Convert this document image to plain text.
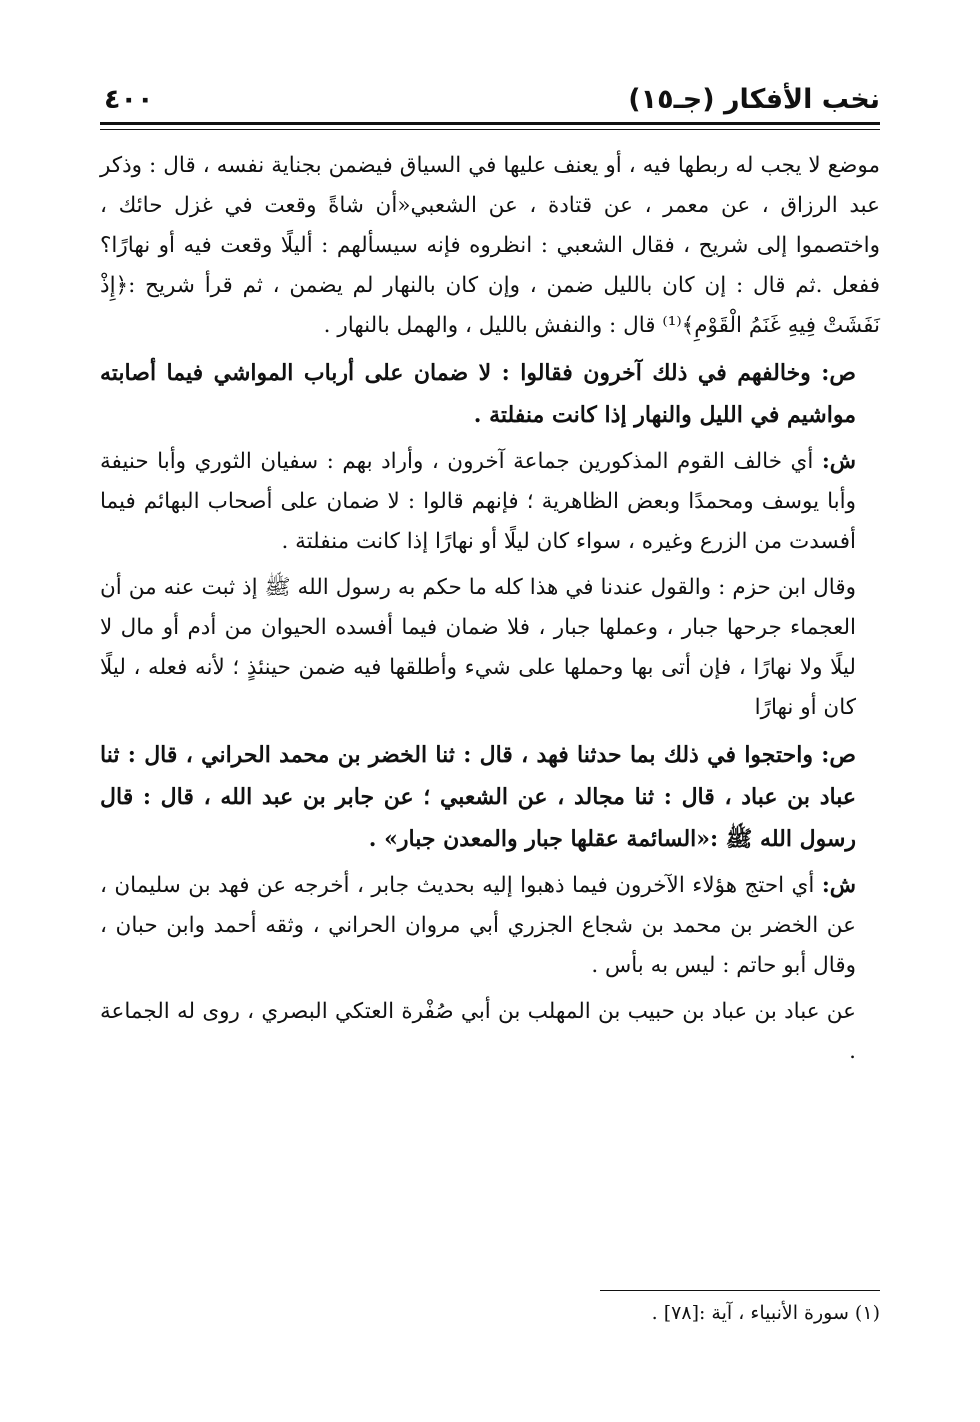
نخب الأفكار (جـ١٥)
٤٠٠

موضع لا يجب له ربطها فيه ، أو يعنف عليها في السياق فيضمن بجناية نفسه ، قال : وذكر عبد الرزاق ، عن معمر ، عن قتادة ، عن الشعبي«أن شاةً وقعت في غزل حائك ، واختصموا إلى شريح ، فقال الشعبي : انظروه فإنه سيسألهم : أليلًا وقعت فيه أو نهارًا؟ ففعل .ثم قال : إن كان بالليل ضمن ، وإن كان بالنهار لم يضمن ، ثم قرأ شريح :﴿إِذْ نَفَشَتْ فِيهِ غَنَمُ الْقَوْمِ﴾⁽¹⁾ قال : والنفش بالليل ، والهمل بالنهار .

ص: وخالفهم في ذلك آخرون فقالوا : لا ضمان على أرباب المواشي فيما أصابته مواشيم في الليل والنهار إذا كانت منفلتة .

ش: أي خالف القوم المذكورين جماعة آخرون ، وأراد بهم : سفيان الثوري وأبا حنيفة وأبا يوسف ومحمدًا وبعض الظاهرية ؛ فإنهم قالوا : لا ضمان على أصحاب البهائم فيما أفسدت من الزرع وغيره ، سواء كان ليلًا أو نهارًا إذا كانت منفلتة .

وقال ابن حزم : والقول عندنا في هذا كله ما حكم به رسول الله ﷺ إذ ثبت عنه من أن العجماء جرحها جبار ، وعملها جبار ، فلا ضمان فيما أفسده الحيوان من أدم أو مال لا ليلًا ولا نهارًا ، فإن أتى بها وحملها على شيء وأطلقها فيه ضمن حينئذٍ ؛ لأنه فعله ، ليلًا كان أو نهارًا

ص: واحتجوا في ذلك بما حدثنا فهد ، قال : ثنا الخضر بن محمد الحراني ، قال : ثنا عباد بن عباد ، قال : ثنا مجالد ، عن الشعبي ؛ عن جابر بن عبد الله ، قال : قال رسول الله ﷺ :«السائمة عقلها جبار والمعدن جبار» .

ش: أي احتج هؤلاء الآخرون فيما ذهبوا إليه بحديث جابر ، أخرجه عن فهد بن سليمان ، عن الخضر بن محمد بن شجاع الجزري أبي مروان الحراني ، وثقه أحمد وابن حبان ، وقال أبو حاتم : ليس به بأس .

عن عباد بن عباد بن حبيب بن المهلب بن أبي صُفْرة العتكي البصري ، روى له الجماعة .

(١) سورة الأنبياء ، آية :[٧٨] .
